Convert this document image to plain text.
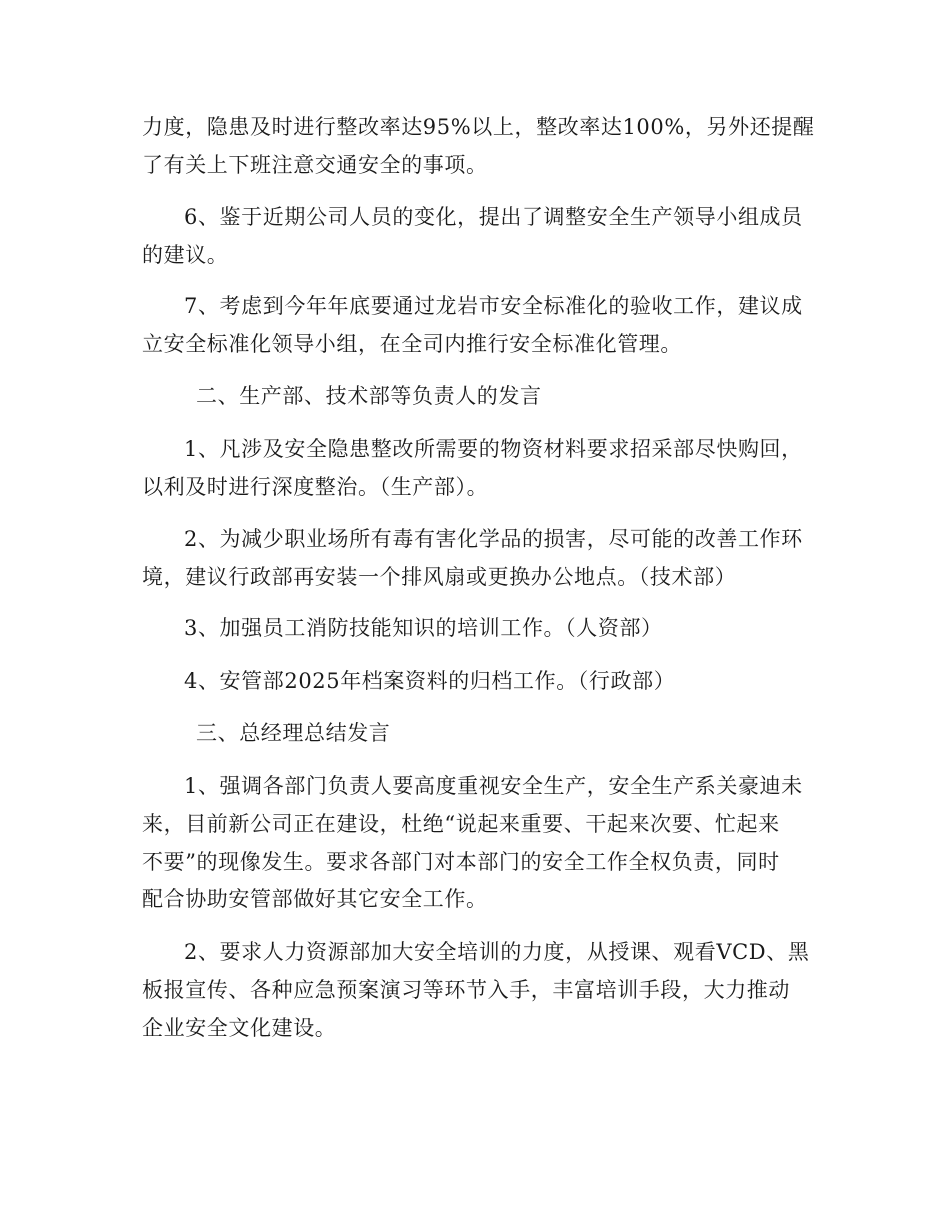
力度，隐患及时进行整改率达95%以上，整改率达100%，另外还提醒
了有关上下班注意交通安全的事项。
6、鉴于近期公司人员的变化，提出了调整安全生产领导小组成员
的建议。
7、考虑到今年年底要通过龙岩市安全标准化的验收工作，建议成
立安全标准化领导小组，在全司内推行安全标准化管理。
二、生产部、技术部等负责人的发言
1、凡涉及安全隐患整改所需要的物资材料要求招采部尽快购回，
以利及时进行深度整治。（生产部）。
2、为减少职业场所有毒有害化学品的损害，尽可能的改善工作环
境，建议行政部再安装一个排风扇或更换办公地点。（技术部）
3、加强员工消防技能知识的培训工作。（人资部）
4、安管部2025年档案资料的归档工作。（行政部）
三、总经理总结发言
1、强调各部门负责人要高度重视安全生产，安全生产系关豪迪未
来，目前新公司正在建设，杜绝“说起来重要、干起来次要、忙起来
不要”的现像发生。要求各部门对本部门的安全工作全权负责，同时
配合协助安管部做好其它安全工作。
2、要求人力资源部加大安全培训的力度，从授课、观看VCD、黑
板报宣传、各种应急预案演习等环节入手，丰富培训手段，大力推动
企业安全文化建设。
